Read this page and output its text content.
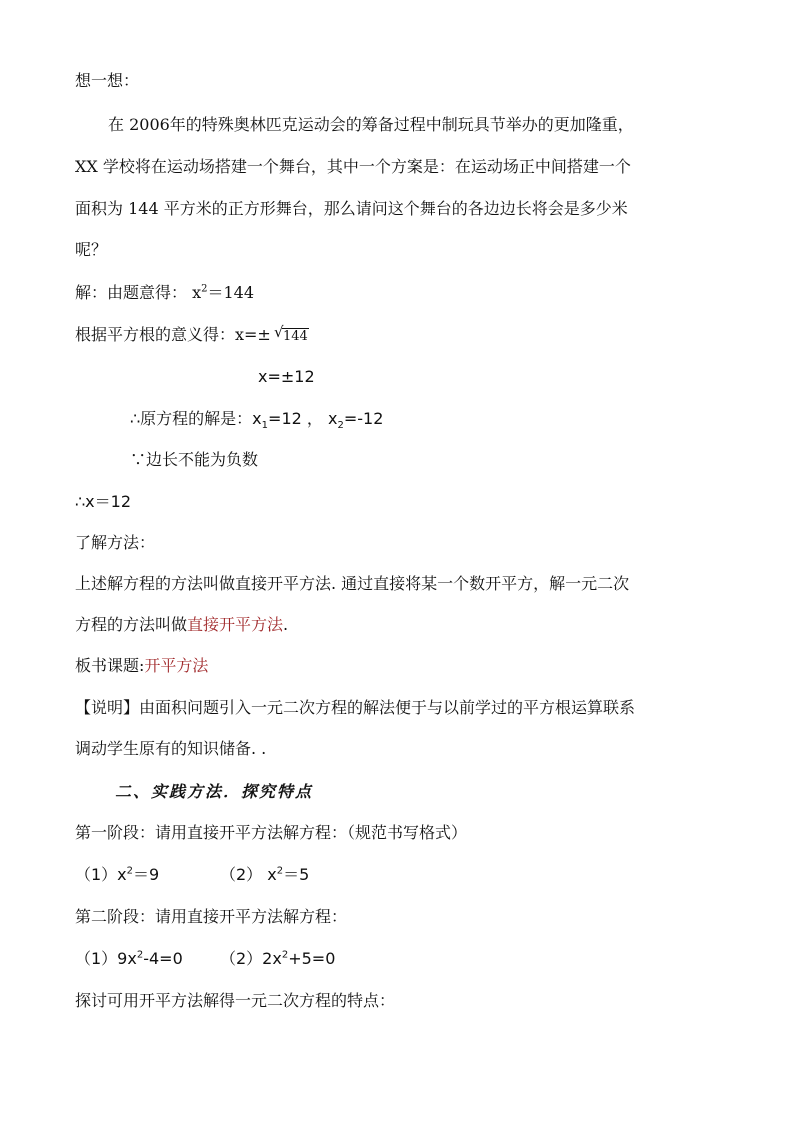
想一想：
在 2006年的特殊奥林匹克运动会的筹备过程中制玩具节举办的更加隆重，
XX 学校将在运动场搭建一个舞台，其中一个方案是：在运动场正中间搭建一个
面积为 144 平方米的正方形舞台，那么请问这个舞台的各边边长将会是多少米
呢？
解：由题意得： $x^2=144$
根据平方根的意义得：x=± √ 144
x=±12
∴原方程的解是：$x_1=12$ ， $x_2=-12$
∵边长不能为负数
∴x＝12
了解方法：
上述解方程的方法叫做直接开平方法. 通过直接将某一个数开平方，解一元二次
方程的方法叫做直接开平方法.
板书课题:开平方法
【说明】由面积问题引入一元二次方程的解法便于与以前学过的平方根运算联系
调动学生原有的知识储备. .
二、实践方法．探究特点
第一阶段：请用直接开平方法解方程：（规范书写格式）
$(1)x^2=9$	（2） $x^2=5$
第二阶段：请用直接开平方法解方程：
$(1)9x^2-4=0$ $(2)2x^2+5=0$
探讨可用开平方法解得一元二次方程的特点：
